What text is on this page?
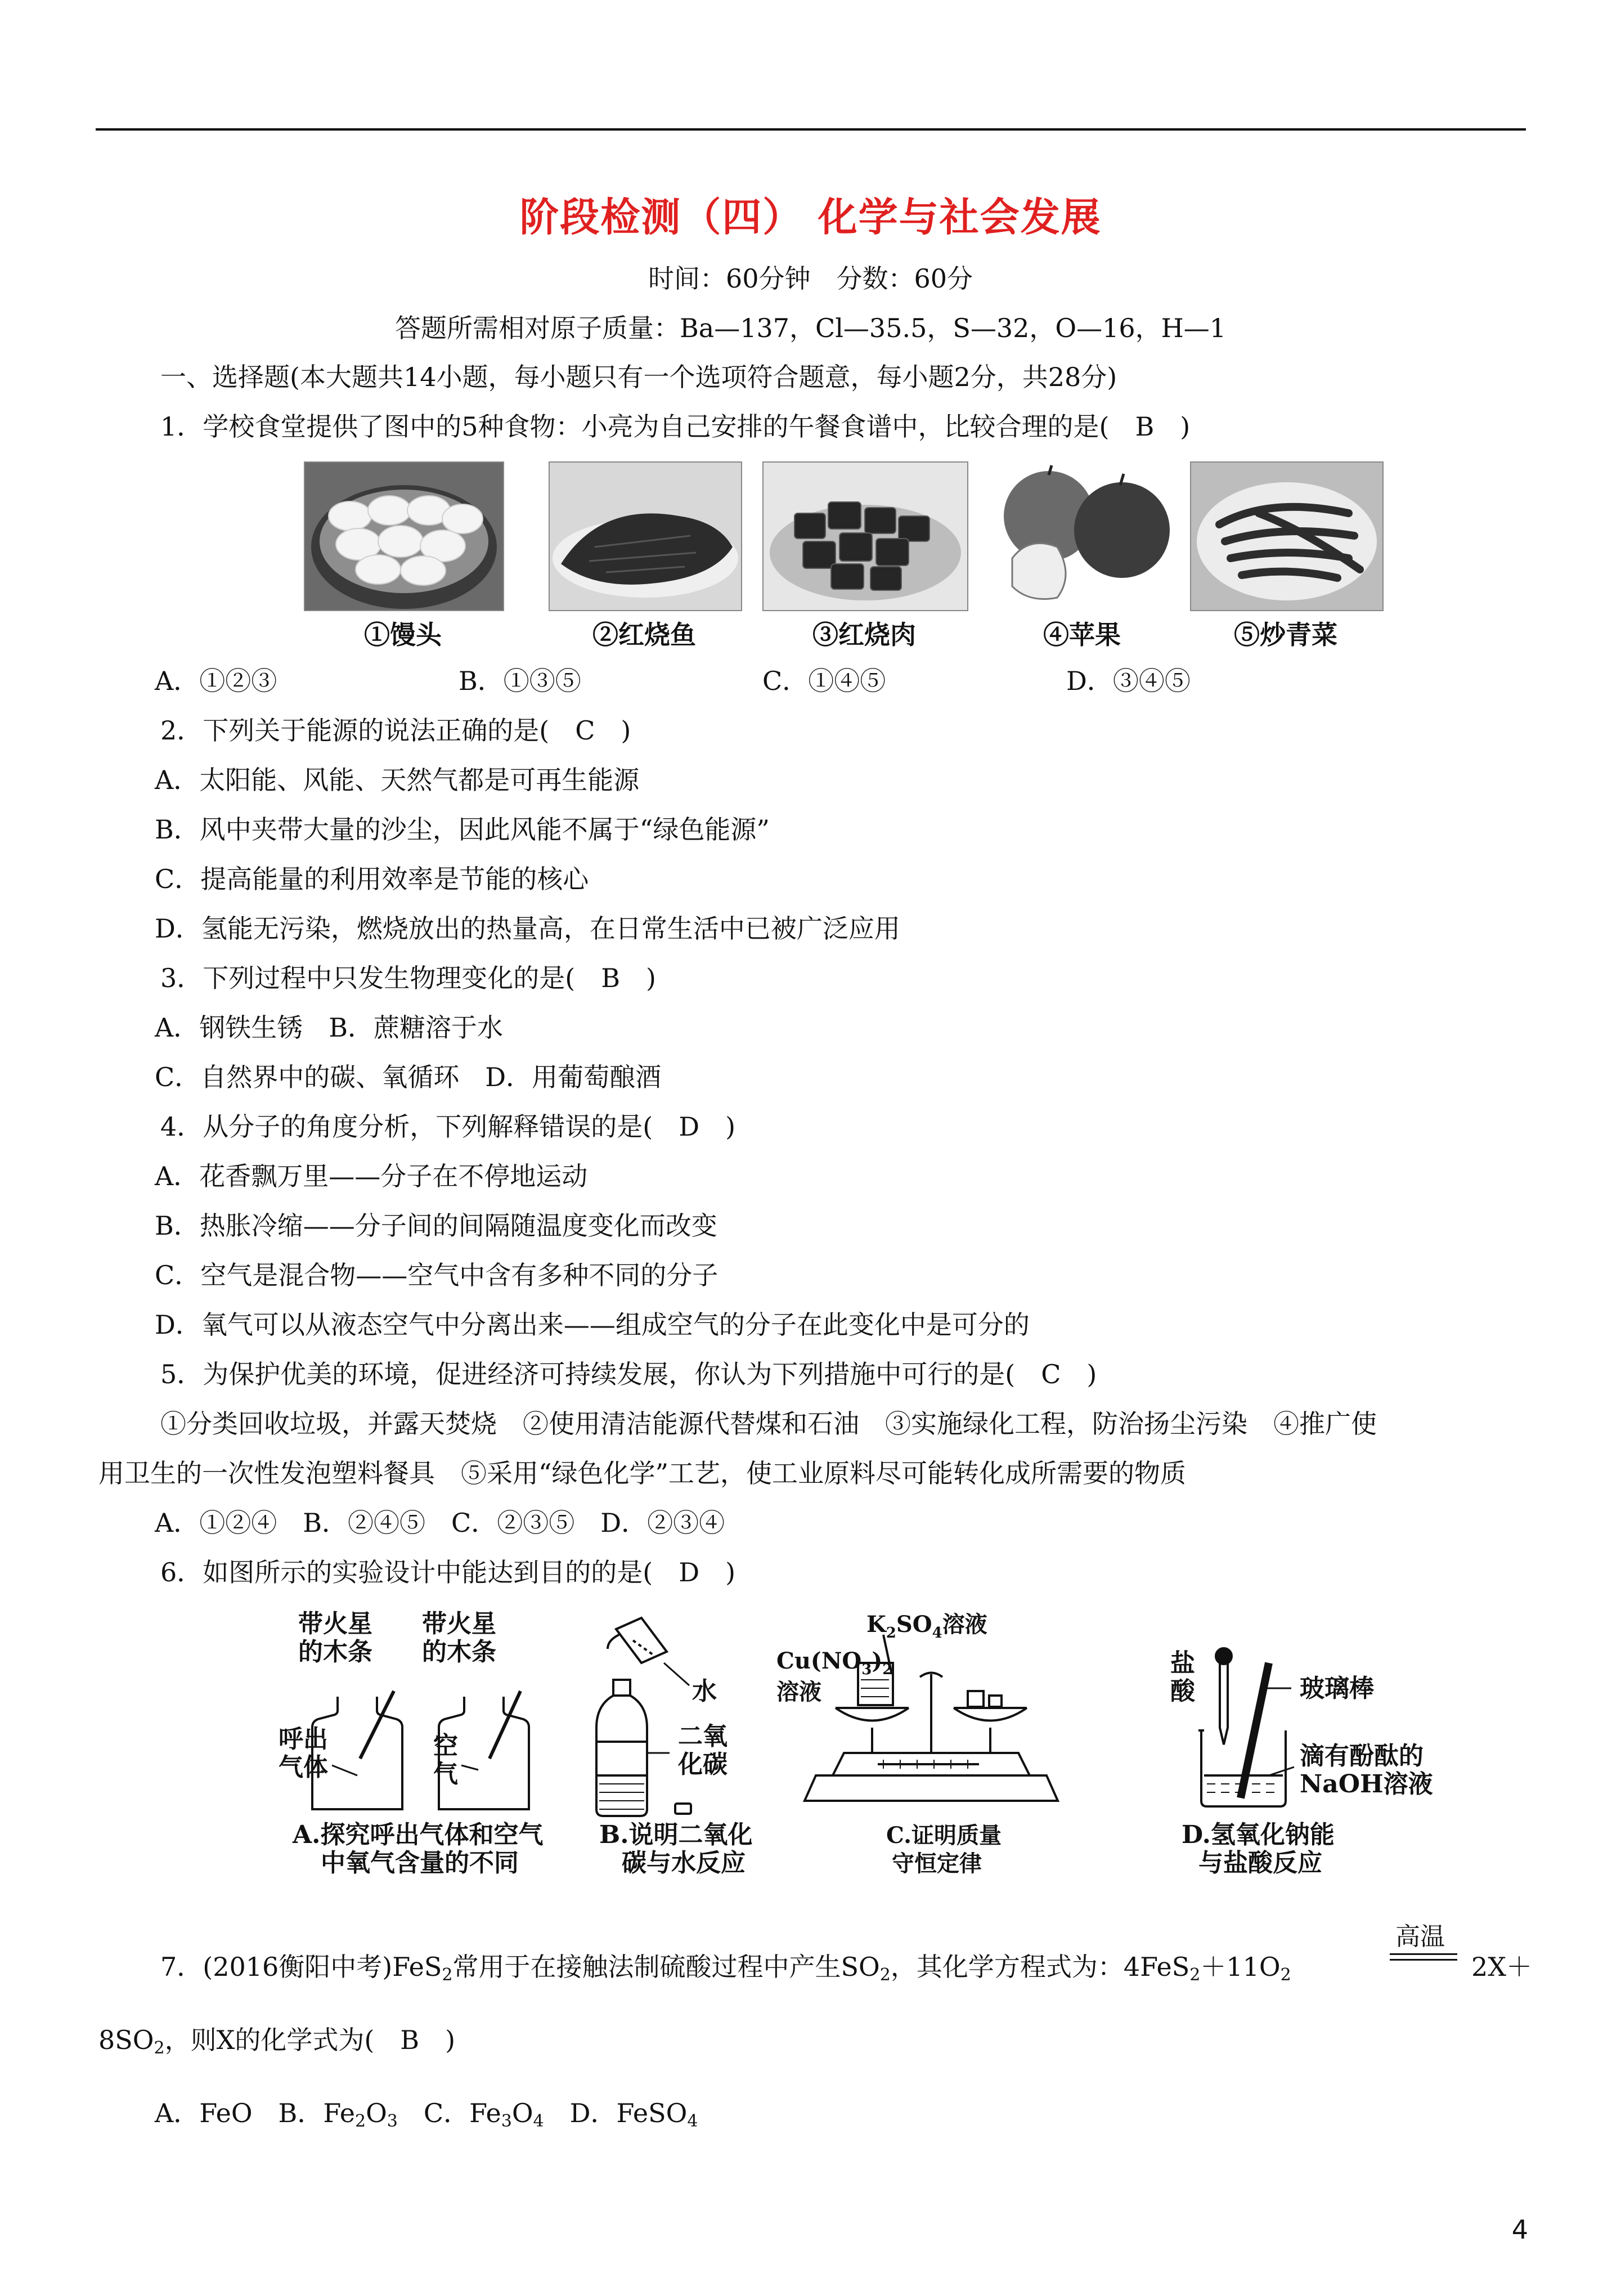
阶段检测（四） 化学与社会发展
时间：60分钟　分数：60分
答题所需相对原子质量：Ba—137，Cl—35.5，S—32，O—16，H—1
一、选择题(本大题共14小题，每小题只有一个选项符合题意，每小题2分，共28分)
1．学校食堂提供了图中的5种食物：小亮为自己安排的午餐食谱中，比较合理的是(　B　)
①馒头	②红烧鱼	③红烧肉	④苹果	⑤炒青菜
A．①②③	B．①③⑤	C．①④⑤	D．③④⑤
2．下列关于能源的说法正确的是(　C　)
A．太阳能、风能、天然气都是可再生能源
B．风中夹带大量的沙尘，因此风能不属于“绿色能源”
C．提高能量的利用效率是节能的核心
D．氢能无污染，燃烧放出的热量高，在日常生活中已被广泛应用
3．下列过程中只发生物理变化的是(　B　)
A．钢铁生锈　B．蔗糖溶于水
C．自然界中的碳、氧循环　D．用葡萄酿酒
4．从分子的角度分析，下列解释错误的是(　D　)
A．花香飘万里——分子在不停地运动
B．热胀冷缩——分子间的间隔随温度变化而改变
C．空气是混合物——空气中含有多种不同的分子
D．氧气可以从液态空气中分离出来——组成空气的分子在此变化中是可分的
5．为保护优美的环境，促进经济可持续发展，你认为下列措施中可行的是(　C　)
①分类回收垃圾，并露天焚烧　②使用清洁能源代替煤和石油　③实施绿化工程，防治扬尘污染　④推广使
用卫生的一次性发泡塑料餐具　⑤采用“绿色化学”工艺，使工业原料尽可能转化成所需要的物质
A．①②④　B．②④⑤　C．②③⑤　D．②③④
6．如图所示的实验设计中能达到目的的是(　D　)
带火星
的木条
带火星
的木条
呼出
气体
空
气
A.探究呼出气体和空气
中氧气含量的不同
水
二氧
化碳
B.说明二氧化
碳与水反应
$K_2SO_4$溶液
$Cu(NO_3)_2$
溶液
C.证明质量
守恒定律
盐
酸	玻璃棒
滴有酚酞的
NaOH溶液
D.氢氧化钠能
与盐酸反应
7．(2016衡阳中考)FeS$_2$常用于在接触法制硫酸过程中产生$SO_2$，其化学方程式为：$4FeS_2+11O_2$
高温
2X＋
$8SO_2$，则X的化学式为(　B　)
A．FeO　B．$Fe_2O_3$　C．$Fe_3O_4$　D．FeSO$_4$
4
